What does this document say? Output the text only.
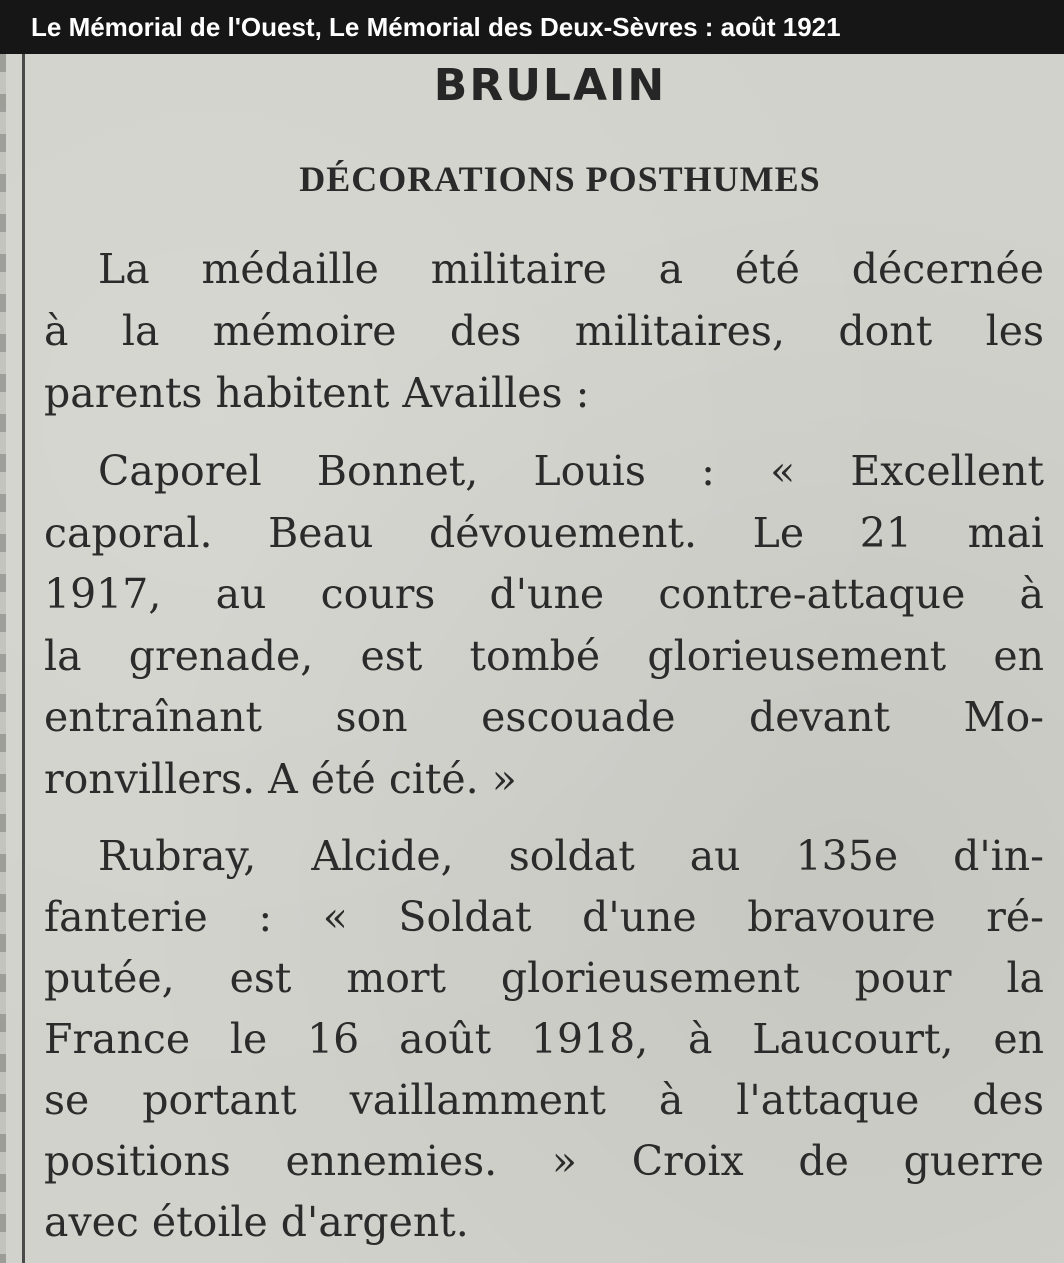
Le Mémorial de l'Ouest, Le Mémorial des Deux-Sèvres : août 1921
BRULAIN
DÉCORATIONS POSTHUMES
La médaille militaire a été décernée
à la mémoire des militaires, dont les
parents habitent Availles :
Caporel Bonnet, Louis : « Excellent
caporal. Beau dévouement. Le 21 mai
1917, au cours d'une contre-attaque à
la grenade, est tombé glorieusement en
entraînant son escouade devant Mo-
ronvillers. A été cité. »
Rubray, Alcide, soldat au 135e d'in-
fanterie : « Soldat d'une bravoure ré-
putée, est mort glorieusement pour la
France le 16 août 1918, à Laucourt, en
se portant vaillamment à l'attaque des
positions ennemies. » Croix de guerre
avec étoile d'argent.
